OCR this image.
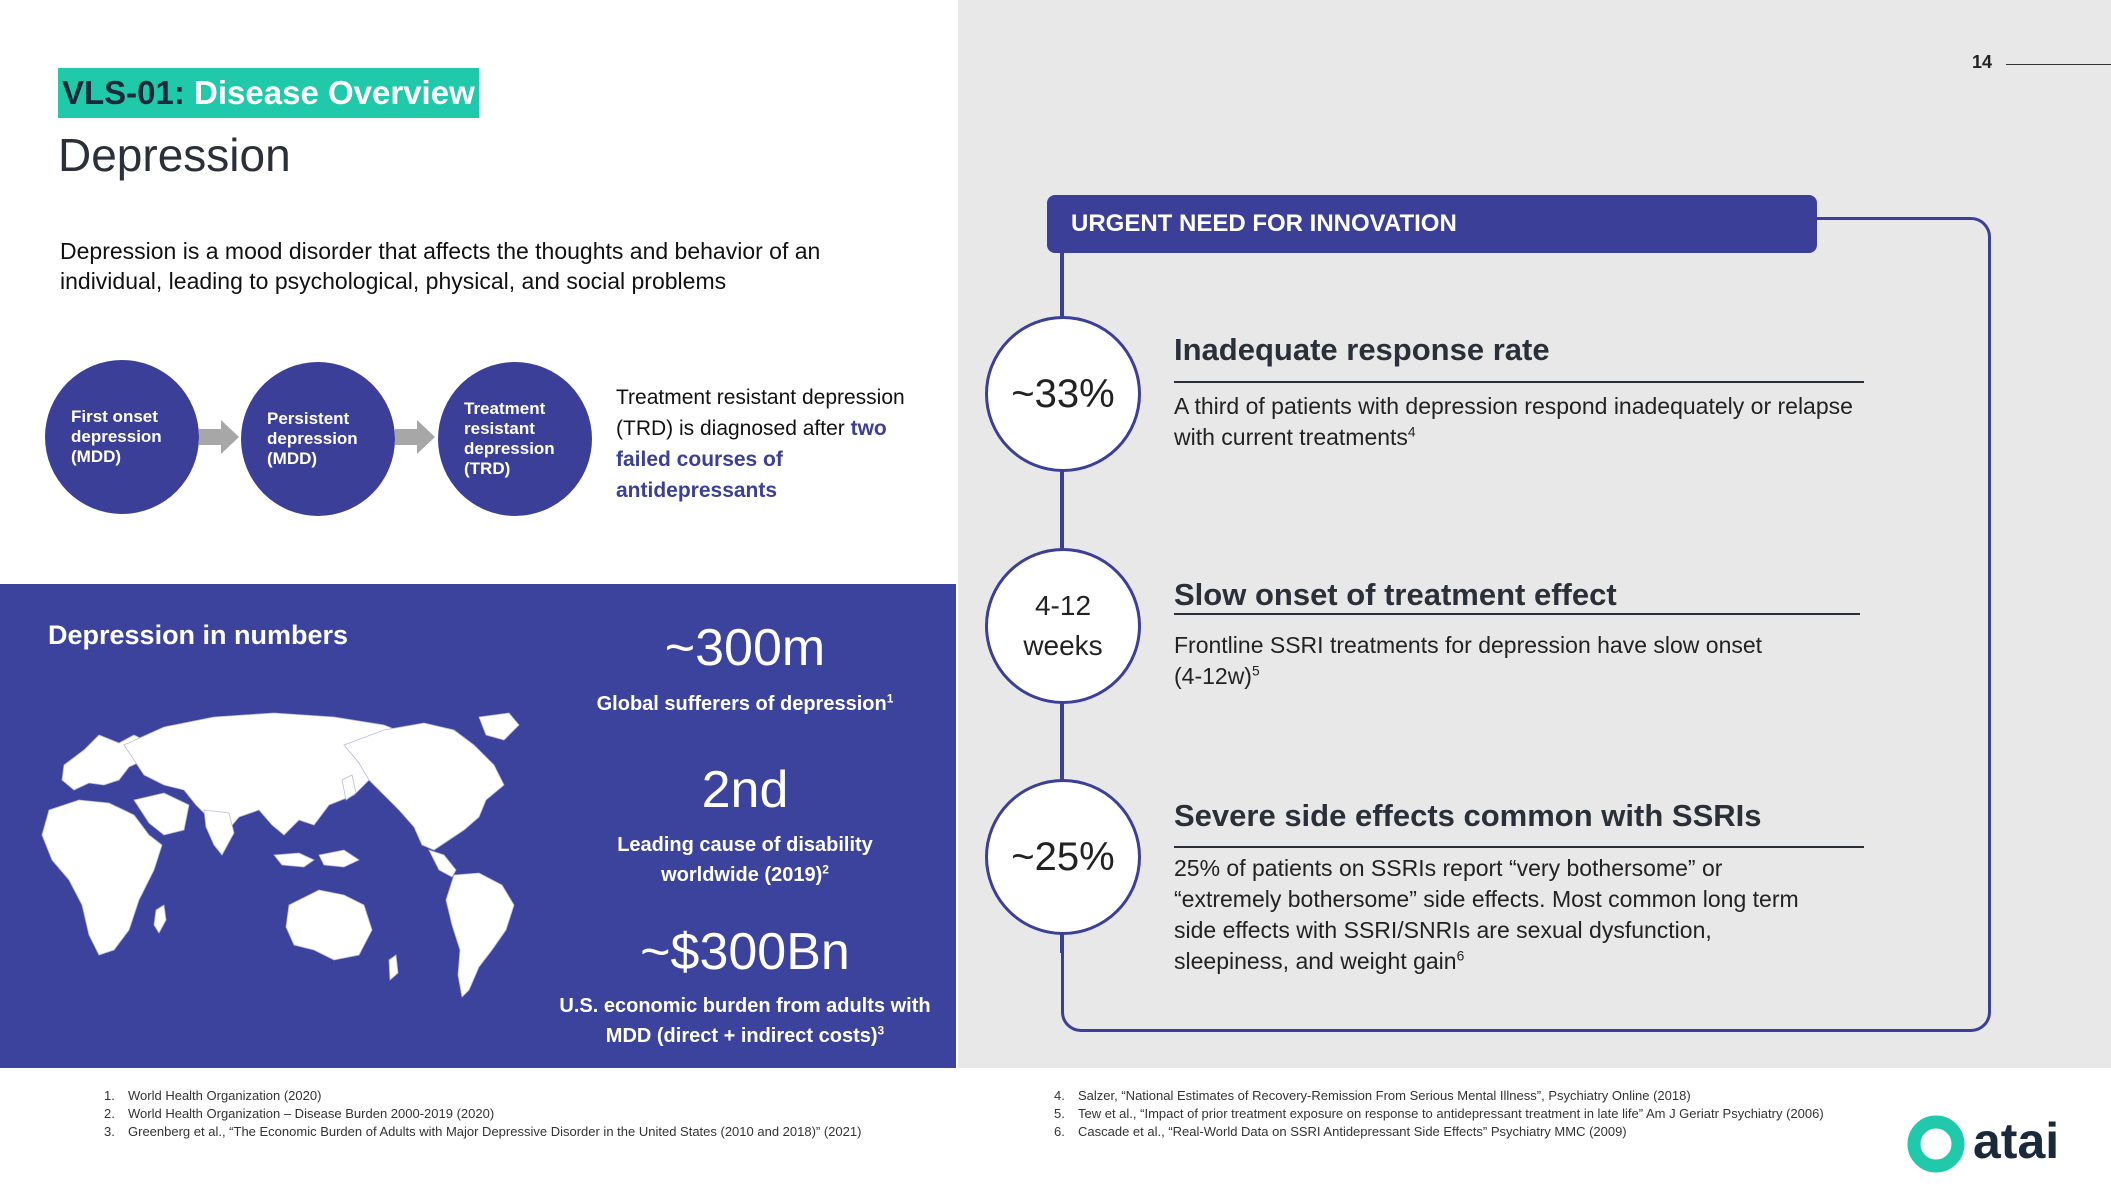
14
VLS-01: Disease Overview
Depression
Depression is a mood disorder that affects the thoughts and behavior of an individual, leading to psychological, physical, and social problems
First onset depression (MDD)
Persistent depression (MDD)
Treatment resistant depression (TRD)
Treatment resistant depression (TRD) is diagnosed after two failed courses of antidepressants
Depression in numbers	~300m
Global sufferers of depression$^1$
2nd
Leading cause of disability worldwide $(2019)^2$
~$300Bn
U.S. economic burden from adults with MDD (direct + indirect costs)$^3$
URGENT NEED FOR INNOVATION
~33%
Inadequate response rate
A third of patients with depression respond inadequately or relapse with current treatments$^4$
4-12 weeks
Slow onset of treatment effect
Frontline SSRI treatments for depression have slow onset $(4-12w)^5$
~25%
Severe side effects common with SSRIs
25% of patients on SSRIs report “very bothersome” or “extremely bothersome” side effects. Most common long term side effects with SSRI/SNRIs are sexual dysfunction, sleepiness, and weight gain$^6$
1. World Health Organization (2020)
2. World Health Organization – Disease Burden 2000-2019 (2020)
3. Greenberg et al., “The Economic Burden of Adults with Major Depressive Disorder in the United States (2010 and 2018)” (2021)
4. Salzer, “National Estimates of Recovery-Remission From Serious Mental Illness”, Psychiatry Online (2018)
5. Tew et al., “Impact of prior treatment exposure on response to antidepressant treatment in late life” Am J Geriatr Psychiatry (2006)
6. Cascade et al., “Real-World Data on SSRI Antidepressant Side Effects” Psychiatry MMC (2009)	atai
